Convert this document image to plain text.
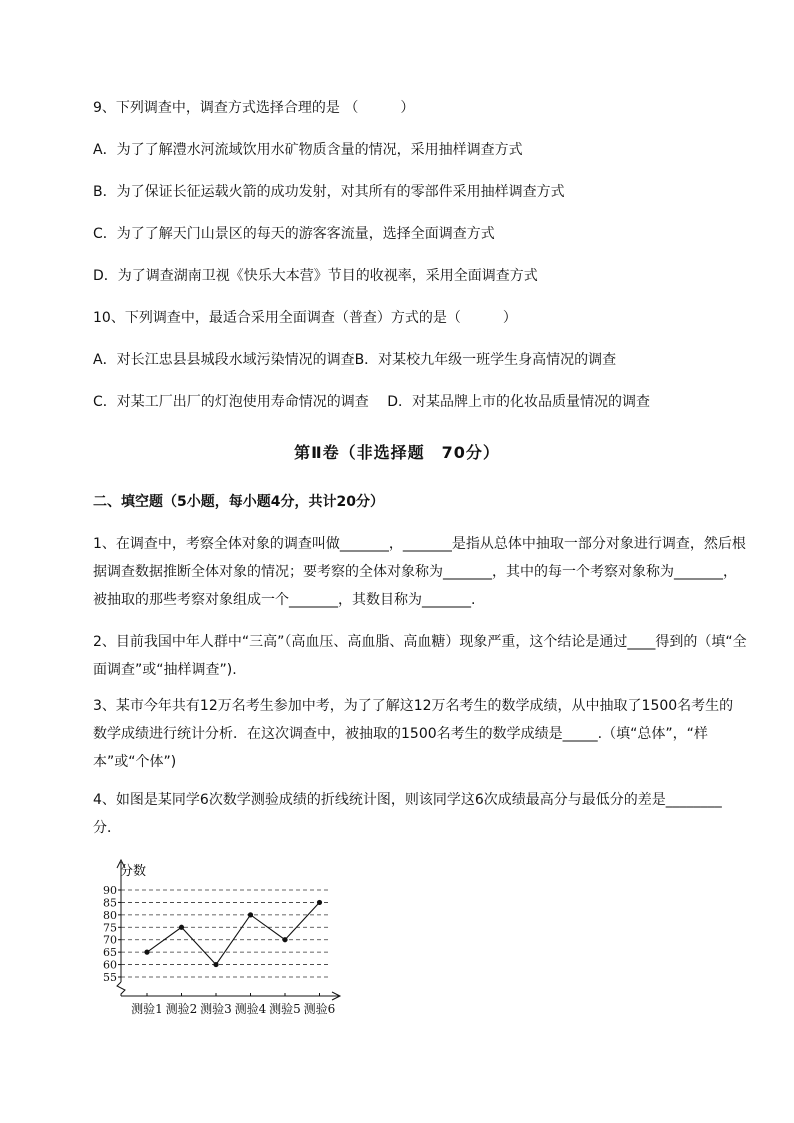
9、下列调查中，调查方式选择合理的是 （　　　）
A．为了了解澧水河流域饮用水矿物质含量的情况，采用抽样调查方式
B．为了保证长征运载火箭的成功发射，对其所有的零部件采用抽样调查方式
C．为了了解天门山景区的每天的游客客流量，选择全面调查方式
D．为了调查湖南卫视《快乐大本营》节目的收视率，采用全面调查方式
10、下列调查中，最适合采用全面调查（普查）方式的是（　　　）
A．对长江忠县县城段水域污染情况的调查B．对某校九年级一班学生身高情况的调查
C．对某工厂出厂的灯泡使用寿命情况的调查　 D．对某品牌上市的化妆品质量情况的调查
第Ⅱ卷（非选择题　70分）
二、填空题（5小题，每小题4分，共计20分）
1、在调查中，考察全体对象的调查叫做_______，_______是指从总体中抽取一部分对象进行调查，然后根据调查数据推断全体对象的情况；要考察的全体对象称为_______，其中的每一个考察对象称为_______，被抽取的那些考察对象组成一个_______，其数目称为_______.
2、目前我国中年人群中“三高”（高血压、高血脂、高血糖）现象严重，这个结论是通过____得到的（填“全面调查”或“抽样调查”).
3、某市今年共有12万名考生参加中考，为了了解这12万名考生的数学成绩，从中抽取了1500名考生的数学成绩进行统计分析．在这次调查中，被抽取的1500名考生的数学成绩是_____.（填“总体”，“样本”或“个体”)
4、如图是某同学6次数学测验成绩的折线统计图，则该同学这6次成绩最高分与最低分的差是________分．
55
60
65
70
75
80
85
90
测验1 测验2 测验3 测验4 测验5 测验6
分数
